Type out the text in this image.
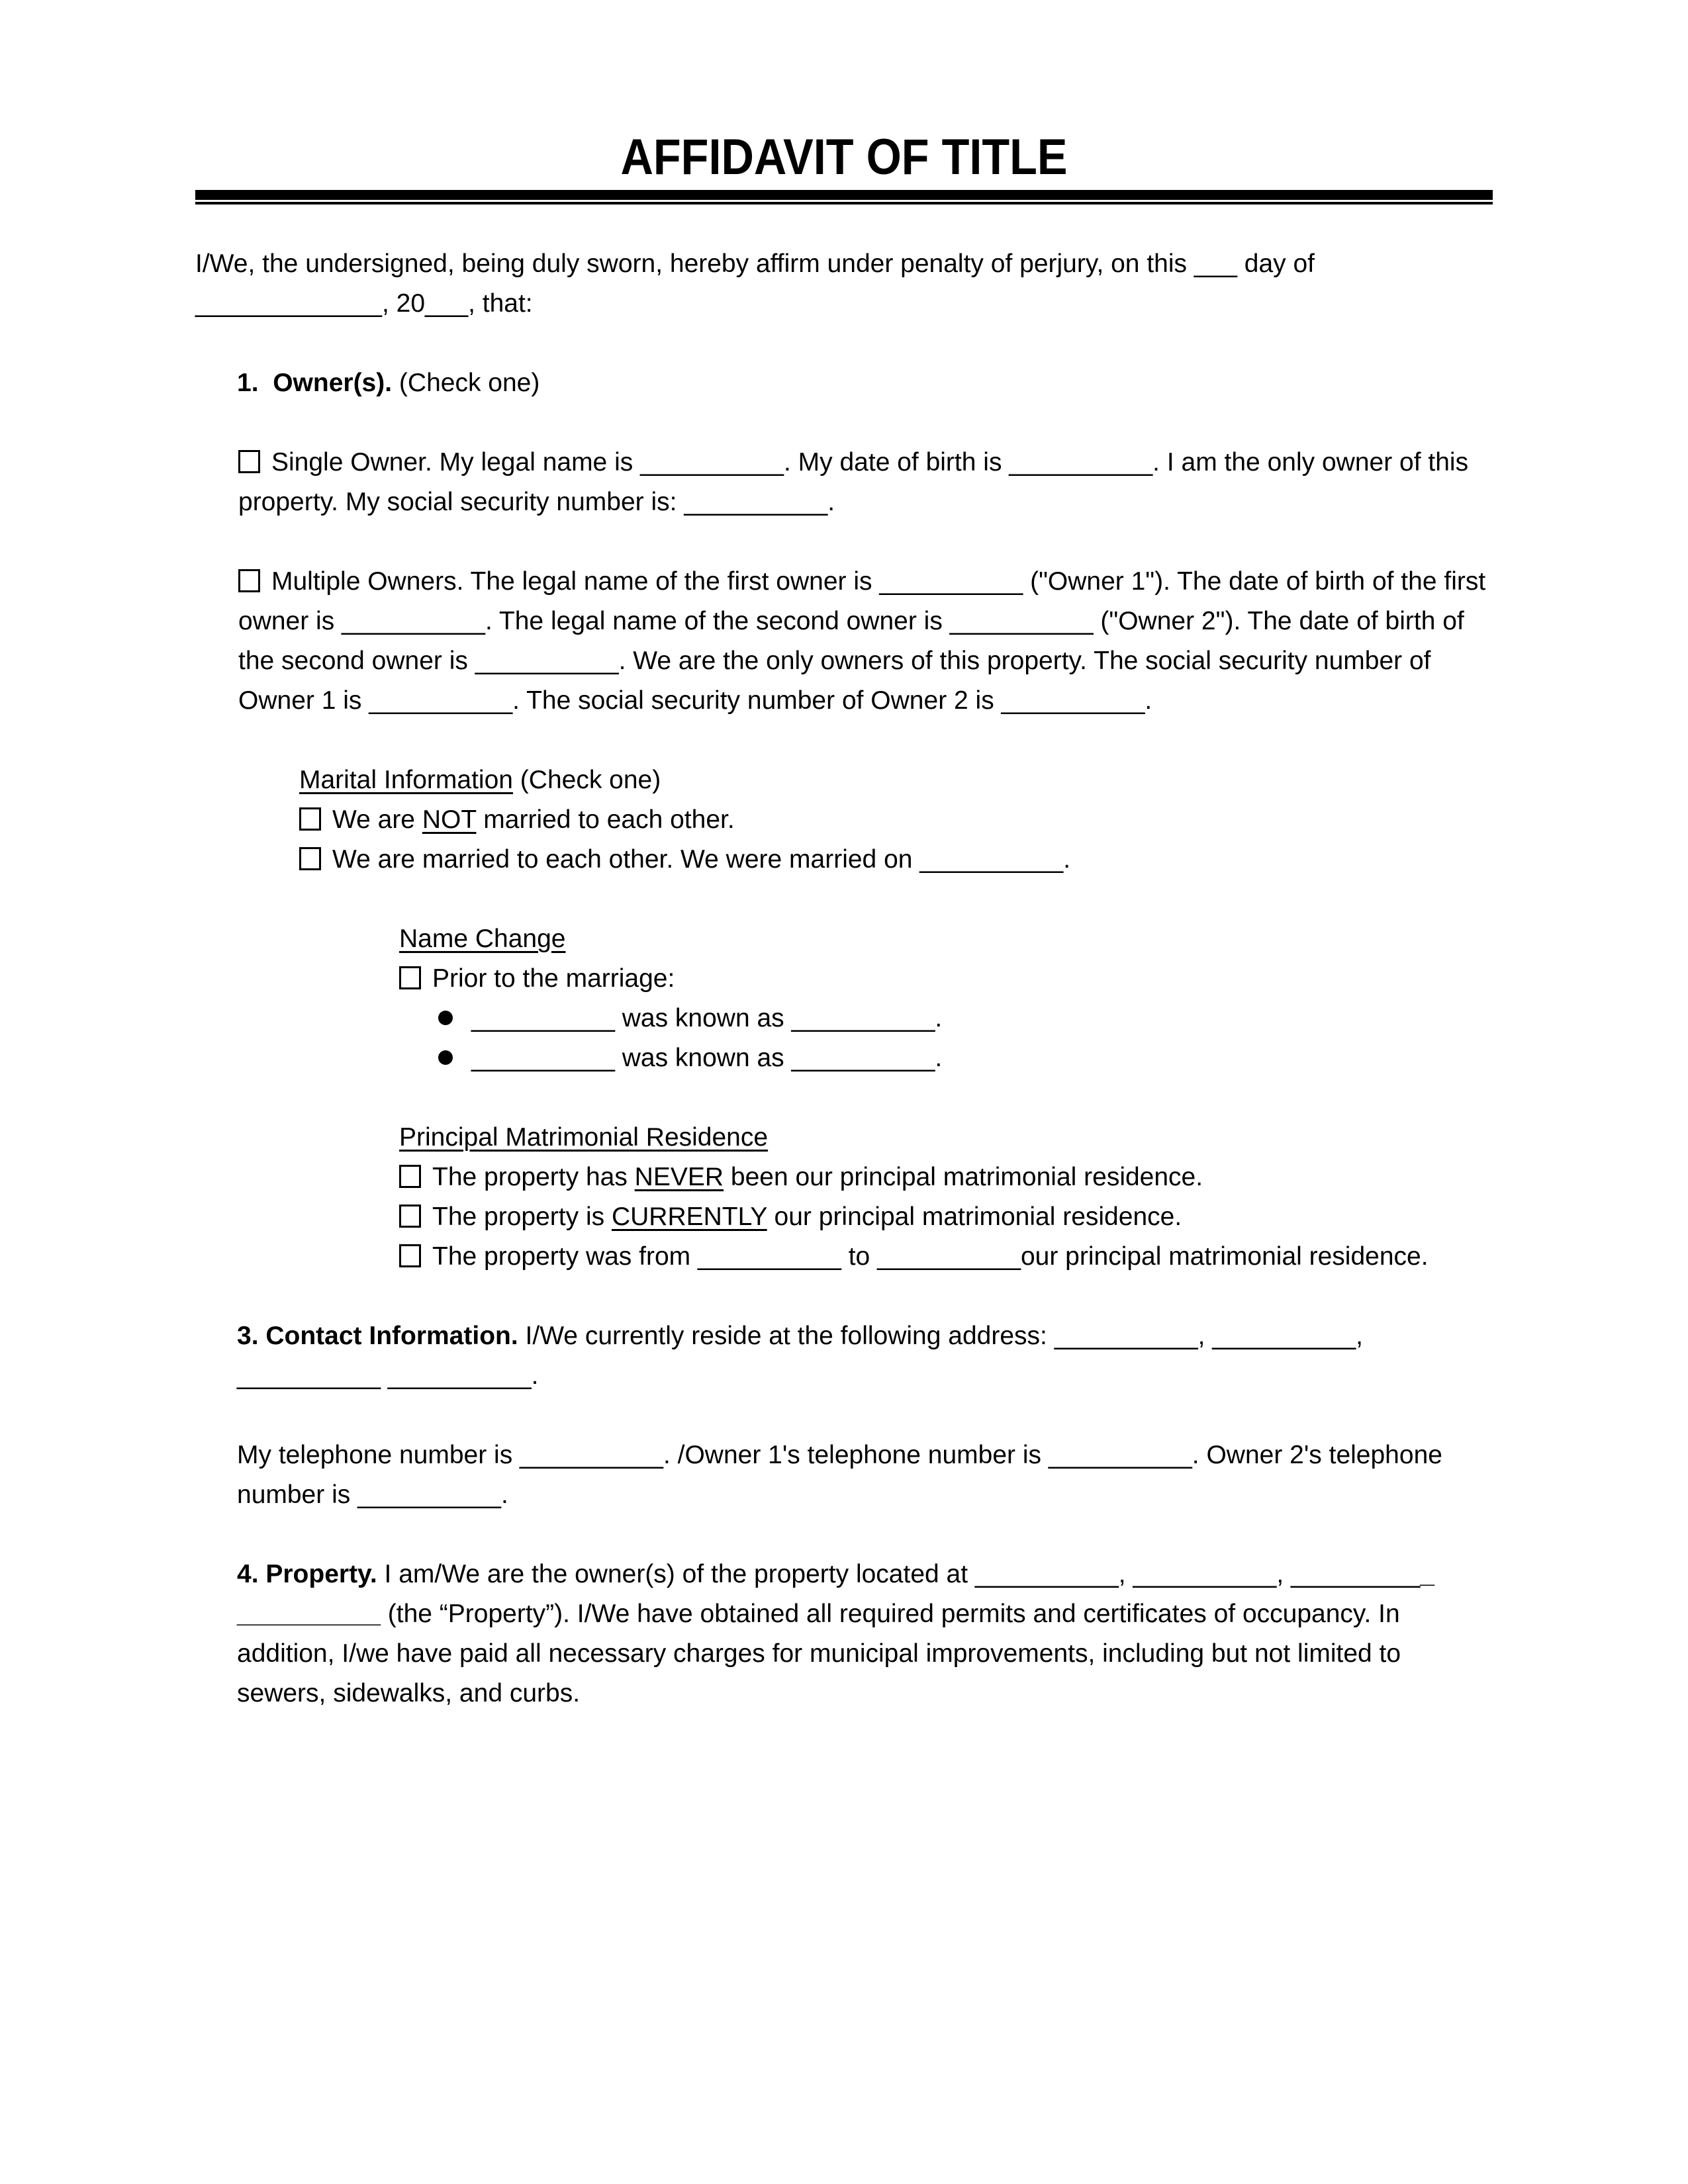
AFFIDAVIT OF TITLE
I/We, the undersigned, being duly sworn, hereby affirm under penalty of perjury, on this ___ day of _____________, 20___, that:
1. Owner(s). (Check one)
Single Owner. My legal name is __________. My date of birth is __________. I am the only owner of this property. My social security number is: __________.
Multiple Owners. The legal name of the first owner is __________ ("Owner 1"). The date of birth of the first owner is __________. The legal name of the second owner is __________ ("Owner 2"). The date of birth of the second owner is __________. We are the only owners of this property. The social security number of Owner 1 is __________. The social security number of Owner 2 is __________.
Marital Information (Check one)
We are NOT married to each other.
We are married to each other. We were married on __________.
Name Change
Prior to the marriage:
__________ was known as __________.
__________ was known as __________.
Principal Matrimonial Residence
The property has NEVER been our principal matrimonial residence.
The property is CURRENTLY our principal matrimonial residence.
The property was from __________ to __________our principal matrimonial residence.
3. Contact Information. I/We currently reside at the following address: __________, __________, __________ __________.
My telephone number is __________. /Owner 1's telephone number is __________. Owner 2's telephone number is __________.
4. Property. I am/We are the owner(s) of the property located at __________, __________, __________ __________ (the “Property”). I/We have obtained all required permits and certificates of occupancy. In addition, I/we have paid all necessary charges for municipal improvements, including but not limited to sewers, sidewalks, and curbs.
